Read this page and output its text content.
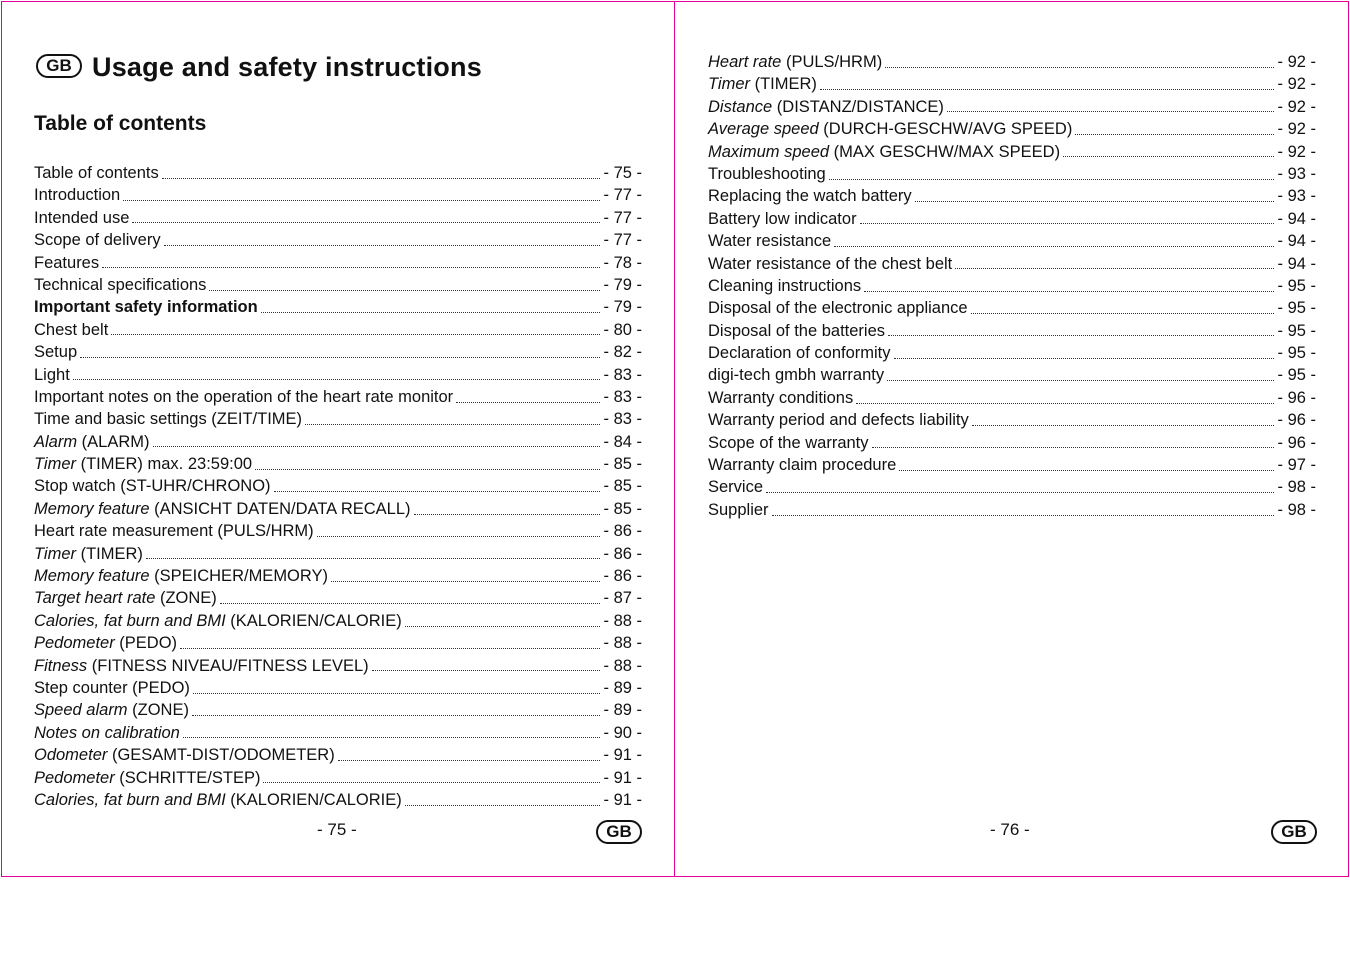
GB Usage and safety instructions
Table of contents
Table of contents	- 75 -
Introduction	- 77 -
Intended use	- 77 -
Scope of delivery	- 77 -
Features	- 78 -
Technical specifications	- 79 -
Important safety information	- 79 -
Chest belt	- 80 -
Setup	- 82 -
Light	- 83 -
Important notes on the operation of the heart rate monitor	- 83 -
Time and basic settings (ZEIT/TIME)	- 83 -
Alarm (ALARM)	- 84 -
Timer (TIMER) max. 23:59:00	- 85 -
Stop watch (ST-UHR/CHRONO)	- 85 -
Memory feature (ANSICHT DATEN/DATA RECALL)	- 85 -
Heart rate measurement (PULS/HRM)	- 86 -
Timer (TIMER)	- 86 -
Memory feature (SPEICHER/MEMORY)	- 86 -
Target heart rate (ZONE)	- 87 -
Calories, fat burn and BMI (KALORIEN/CALORIE)	- 88 -
Pedometer (PEDO)	- 88 -
Fitness (FITNESS NIVEAU/FITNESS LEVEL)	- 88 -
Step counter (PEDO)	- 89 -
Speed alarm (ZONE)	- 89 -
Notes on calibration	- 90 -
Odometer (GESAMT-DIST/ODOMETER)	- 91 -
Pedometer (SCHRITTE/STEP)	- 91 -
Calories, fat burn and BMI (KALORIEN/CALORIE)	- 91 -
- 75 -	GB
Heart rate (PULS/HRM)	- 92 -
Timer (TIMER)	- 92 -
Distance (DISTANZ/DISTANCE)	- 92 -
Average speed (DURCH-GESCHW/AVG SPEED)	- 92 -
Maximum speed (MAX GESCHW/MAX SPEED)	- 92 -
Troubleshooting	- 93 -
Replacing the watch battery	- 93 -
Battery low indicator	- 94 -
Water resistance	- 94 -
Water resistance of the chest belt	- 94 -
Cleaning instructions	- 95 -
Disposal of the electronic appliance	- 95 -
Disposal of the batteries	- 95 -
Declaration of conformity	- 95 -
digi-tech gmbh warranty	- 95 -
Warranty conditions	- 96 -
Warranty period and defects liability	- 96 -
Scope of the warranty	- 96 -
Warranty claim procedure	- 97 -
Service	- 98 -
Supplier	- 98 -
- 76 -	GB
